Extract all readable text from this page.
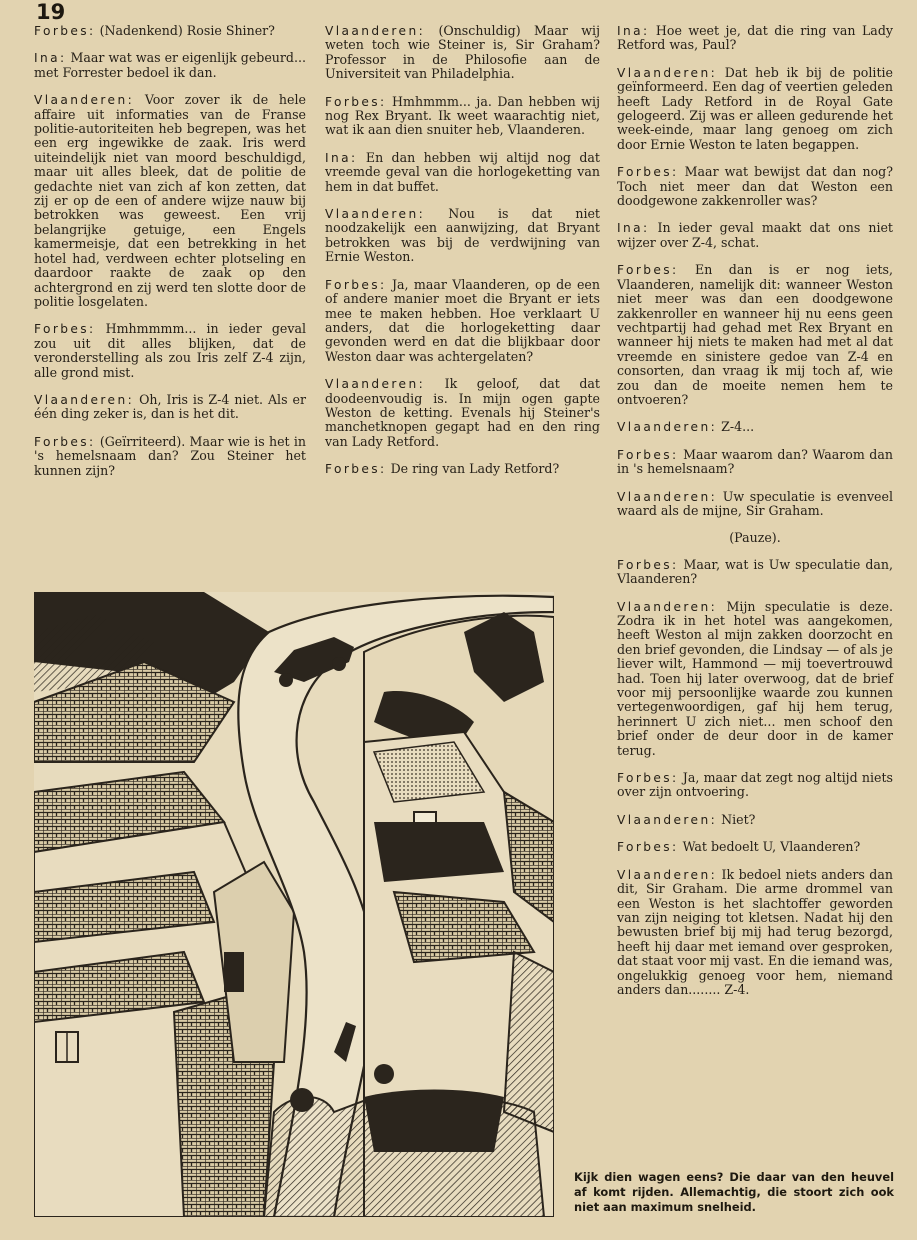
19

Forbes: (Nadenkend) Rosie Shiner?

Ina: Maar wat was er eigenlijk gebeurd... met Forrester bedoel ik dan.

Vlaanderen: Voor zover ik de hele affaire uit informaties van de Franse politie-autoriteiten heb begrepen, was het een erg ingewikke de zaak. Iris werd uiteindelijk niet van moord beschuldigd, maar uit alles bleek, dat de politie de gedachte niet van zich af kon zetten, dat zij er op de een of andere wijze nauw bij betrokken was geweest. Een vrij belangrijke getuige, een Engels kamermeisje, dat een betrekking in het hotel had, verdween echter plotseling en daardoor raakte de zaak op den achtergrond en zij werd ten slotte door de politie losgelaten.

Forbes: Hmhmmmm... in ieder geval zou uit dit alles blijken, dat de veronderstelling als zou Iris zelf Z-4 zijn, alle grond mist.

Vlaanderen: Oh, Iris is Z-4 niet. Als er één ding zeker is, dan is het dit.

Forbes: (Geïrriteerd). Maar wie is het in 's hemelsnaam dan? Zou Steiner het kunnen zijn?

Vlaanderen: (Onschuldig) Maar wij weten toch wie Steiner is, Sir Graham? Professor in de Philosofie aan de Universiteit van Philadelphia.

Forbes: Hmhmmm... ja. Dan hebben wij nog Rex Bryant. Ik weet waarachtig niet, wat ik aan dien snuiter heb, Vlaanderen.

Ina: En dan hebben wij altijd nog dat vreemde geval van die horlogeketting van hem in dat buffet.

Vlaanderen: Nou is dat niet noodzakelijk een aanwijzing, dat Bryant betrokken was bij de verdwijning van Ernie Weston.

Forbes: Ja, maar Vlaanderen, op de een of andere manier moet die Bryant er iets mee te maken hebben. Hoe verklaart U anders, dat die horlogeketting daar gevonden werd en dat die blijkbaar door Weston daar was achtergelaten?

Vlaanderen: Ik geloof, dat dat doodeenvoudig is. In mijn ogen gapte Weston de ketting. Evenals hij Steiner's manchetknopen gegapt had en den ring van Lady Retford.

Forbes: De ring van Lady Retford?

Ina: Hoe weet je, dat die ring van Lady Retford was, Paul?

Vlaanderen: Dat heb ik bij de politie geïnformeerd. Een dag of veertien geleden heeft Lady Retford in de Royal Gate gelogeerd. Zij was er alleen gedurende het week-einde, maar lang genoeg om zich door Ernie Weston te laten begappen.

Forbes: Maar wat bewijst dat dan nog? Toch niet meer dan dat Weston een doodgewone zakkenroller was?

Ina: In ieder geval maakt dat ons niet wijzer over Z-4, schat.

Forbes: En dan is er nog iets, Vlaanderen, namelijk dit: wanneer Weston niet meer was dan een doodgewone zakkenroller en wanneer hij nu eens geen vechtpartij had gehad met Rex Bryant en wanneer hij niets te maken had met al dat vreemde en sinistere gedoe van Z-4 en consorten, dan vraag ik mij toch af, wie zou dan de moeite nemen hem te ontvoeren?

Vlaanderen: Z-4...

Forbes: Maar waarom dan? Waarom dan in 's hemelsnaam?

Vlaanderen: Uw speculatie is evenveel waard als de mijne, Sir Graham.

(Pauze).

Forbes: Maar, wat is Uw speculatie dan, Vlaanderen?

Vlaanderen: Mijn speculatie is deze. Zodra ik in het hotel was aangekomen, heeft Weston al mijn zakken doorzocht en den brief gevonden, die Lindsay — of als je liever wilt, Hammond — mij toevertrouwd had. Toen hij later overwoog, dat de brief voor mij persoonlijke waarde zou kunnen vertegenwoordigen, gaf hij hem terug, herinnert U zich niet... men schoof den brief onder de deur door in de kamer terug.

Forbes: Ja, maar dat zegt nog altijd niets over zijn ontvoering.

Vlaanderen: Niet?

Forbes: Wat bedoelt U, Vlaanderen?

Vlaanderen: Ik bedoel niets anders dan dit, Sir Graham. Die arme drommel van een Weston is het slachtoffer geworden van zijn neiging tot kletsen. Nadat hij den bewusten brief bij mij had terug bezorgd, heeft hij daar met iemand over gesproken, dat staat voor mij vast. En die iemand was, ongelukkig genoeg voor hem, niemand anders dan........ Z-4.

Kijk dien wagen eens? Die daar van den heuvel af komt rijden. Allemachtig, die stoort zich ook niet aan maximum snelheid.
